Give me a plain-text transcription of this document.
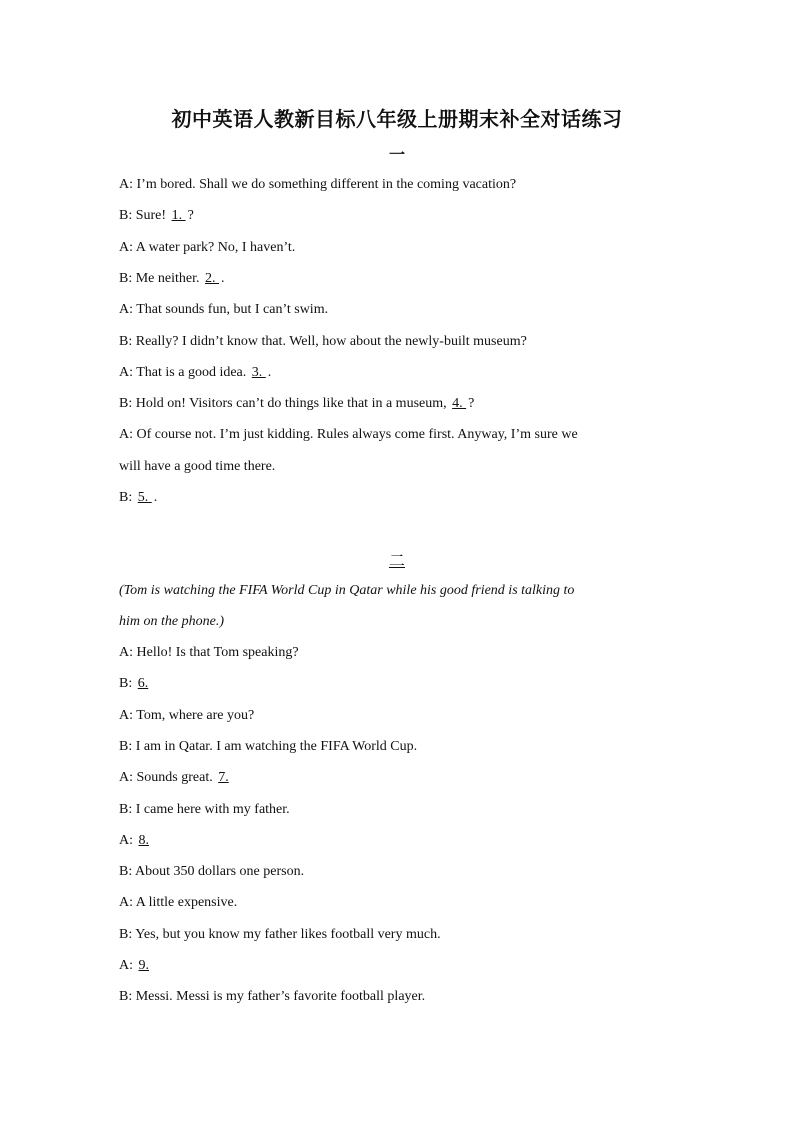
初中英语人教新目标八年级上册期末补全对话练习
一
A: I’m bored. Shall we do something different in the coming vacation?
B: Sure! 1. ?
A: A water park? No, I haven’t.
B: Me neither. 2. .
A: That sounds fun, but I can’t swim.
B: Really? I didn’t know that. Well, how about the newly-built museum?
A: That is a good idea. 3. .
B: Hold on! Visitors can’t do things like that in a museum, 4. ?
A: Of course not. I’m just kidding. Rules always come first. Anyway, I’m sure we
will have a good time there.
B: 5. .
二
(Tom is watching the FIFA World Cup in Qatar while his good friend is talking to
him on the phone.)
A: Hello! Is that Tom speaking?
B: 6.
A: Tom, where are you?
B: I am in Qatar. I am watching the FIFA World Cup.
A: Sounds great. 7.
B: I came here with my father.
A: 8.
B: About 350 dollars one person.
A: A little expensive.
B: Yes, but you know my father likes football very much.
A: 9.
B: Messi. Messi is my father’s favorite football player.
